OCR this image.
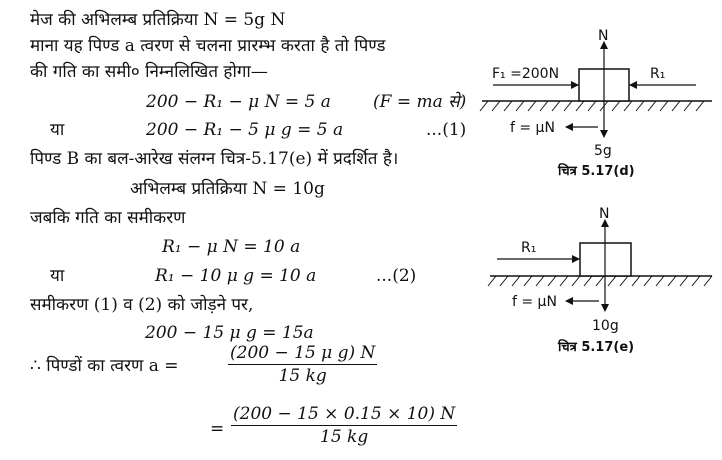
मेज की अभिलम्ब प्रतिक्रिया N = 5g N
माना यह पिण्ड a त्वरण से चलना प्रारम्भ करता है तो पिण्ड
की गति का समी० निम्नलिखित होगा—
200 − R₁ − μ N = 5 a (F = ma से)
या	200 − R₁ − 5 μ g = 5 a	...(1)
पिण्ड B का बल-आरेख संलग्न चित्र-5.17(e) में प्रदर्शित है।
अभिलम्ब प्रतिक्रिया N = 10g
जबकि गति का समीकरण
R₁ − μ N = 10 a
या	R₁ − 10 μ g = 10 a	...(2)
समीकरण (1) व (2) को जोड़ने पर,
200 − 15 μ g = 15a
∴ पिण्डों का त्वरण a =	$\frac{\text{(200 − 15 μ g) N}}{15 kg}$
= $\frac{(200 - 15 \times 0.15 \times 10) N}{15 kg}$
N
F₁ =200N	R₁
f = μN
5g
चित्र 5.17(d)
N
R₁
f = μN
10g
चित्र 5.17(e)
